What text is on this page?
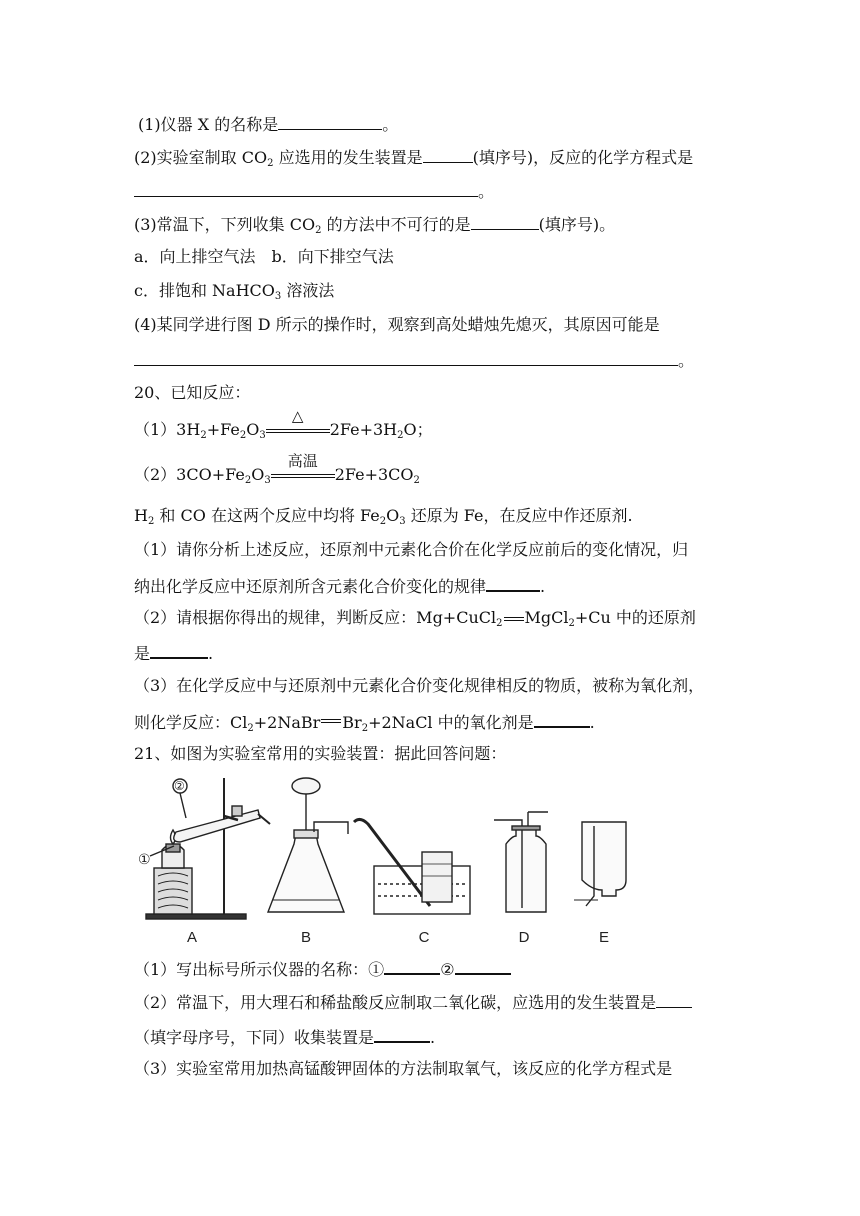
(1)仪器 X 的名称是	。
(2)实验室制取 $CO_2$ 应选用的发生装置是	(填序号)，反应的化学方程式是
。
(3)常温下，下列收集 $CO_2$ 的方法中不可行的是	(填序号)。
a．向上排空气法　b．向下排空气法
c．排饱和 NaHCO$_3$ 溶液法
(4)某同学进行图 D 所示的操作时，观察到高处蜡烛先熄灭，其原因可能是
。
20、已知反应：
$(1)3H_2+Fe_2O_3$
△
$2Fe+3H_2O$；
$(2)3CO+Fe_2O_3$
高温
$2Fe+3CO_2$
$H_2$ 和 CO 在这两个反应中均将 $Fe_2O_3$ 还原为 Fe，在反应中作还原剂.
（1）请你分析上述反应，还原剂中元素化合价在化学反应前后的变化情况，归
纳出化学反应中还原剂所含元素化合价变化的规律	.
（2）请根据你得出的规律，判断反应：Mg+CuCl$_2$ MgCl$_2$+Cu 中的还原剂
是	.
（3）在化学反应中与还原剂中元素化合价变化规律相反的物质，被称为氧化剂，
则化学反应：$Cl_2+2NaBr$ $Br_2+2NaCl$ 中的氧化剂是	.
21、如图为实验室常用的实验装置：据此回答问题：
①
②
A	B	C	D	E
（1）写出标号所示仪器的名称：①	②
（2）常温下，用大理石和稀盐酸反应制取二氧化碳，应选用的发生装置是
（填字母序号，下同）收集装置是	.
（3）实验室常用加热高锰酸钾固体的方法制取氧气，该反应的化学方程式是
